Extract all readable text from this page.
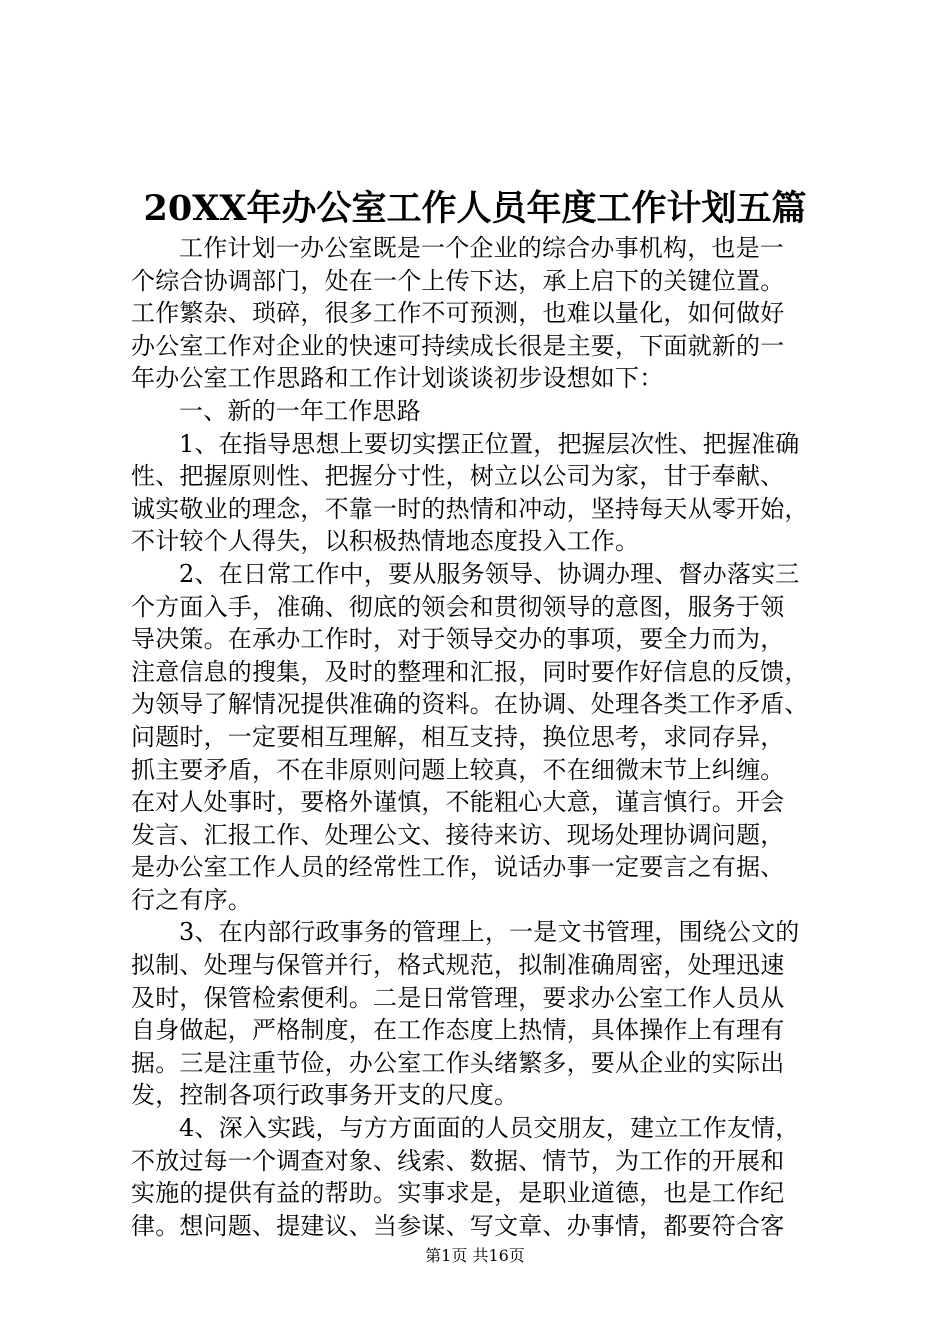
20XX年办公室工作人员年度工作计划五篇
工作计划一办公室既是一个企业的综合办事机构，也是一
个综合协调部门，处在一个上传下达，承上启下的关键位置。
工作繁杂、琐碎，很多工作不可预测，也难以量化，如何做好
办公室工作对企业的快速可持续成长很是主要，下面就新的一
年办公室工作思路和工作计划谈谈初步设想如下：
一、新的一年工作思路
1、在指导思想上要切实摆正位置，把握层次性、把握准确
性、把握原则性、把握分寸性，树立以公司为家，甘于奉献、
诚实敬业的理念，不靠一时的热情和冲动，坚持每天从零开始，
不计较个人得失，以积极热情地态度投入工作。
2、在日常工作中，要从服务领导、协调办理、督办落实三
个方面入手，准确、彻底的领会和贯彻领导的意图，服务于领
导决策。在承办工作时，对于领导交办的事项，要全力而为，
注意信息的搜集，及时的整理和汇报，同时要作好信息的反馈，
为领导了解情况提供准确的资料。在协调、处理各类工作矛盾、
问题时，一定要相互理解，相互支持，换位思考，求同存异，
抓主要矛盾，不在非原则问题上较真，不在细微末节上纠缠。
在对人处事时，要格外谨慎，不能粗心大意，谨言慎行。开会
发言、汇报工作、处理公文、接待来访、现场处理协调问题，
是办公室工作人员的经常性工作，说话办事一定要言之有据、
行之有序。
3、在内部行政事务的管理上，一是文书管理，围绕公文的
拟制、处理与保管并行，格式规范，拟制准确周密，处理迅速
及时，保管检索便利。二是日常管理，要求办公室工作人员从
自身做起，严格制度，在工作态度上热情，具体操作上有理有
据。三是注重节俭，办公室工作头绪繁多，要从企业的实际出
发，控制各项行政事务开支的尺度。
4、深入实践，与方方面面的人员交朋友，建立工作友情，
不放过每一个调查对象、线索、数据、情节，为工作的开展和
实施的提供有益的帮助。实事求是，是职业道德，也是工作纪
律。想问题、提建议、当参谋、写文章、办事情，都要符合客
第1页 共16页
